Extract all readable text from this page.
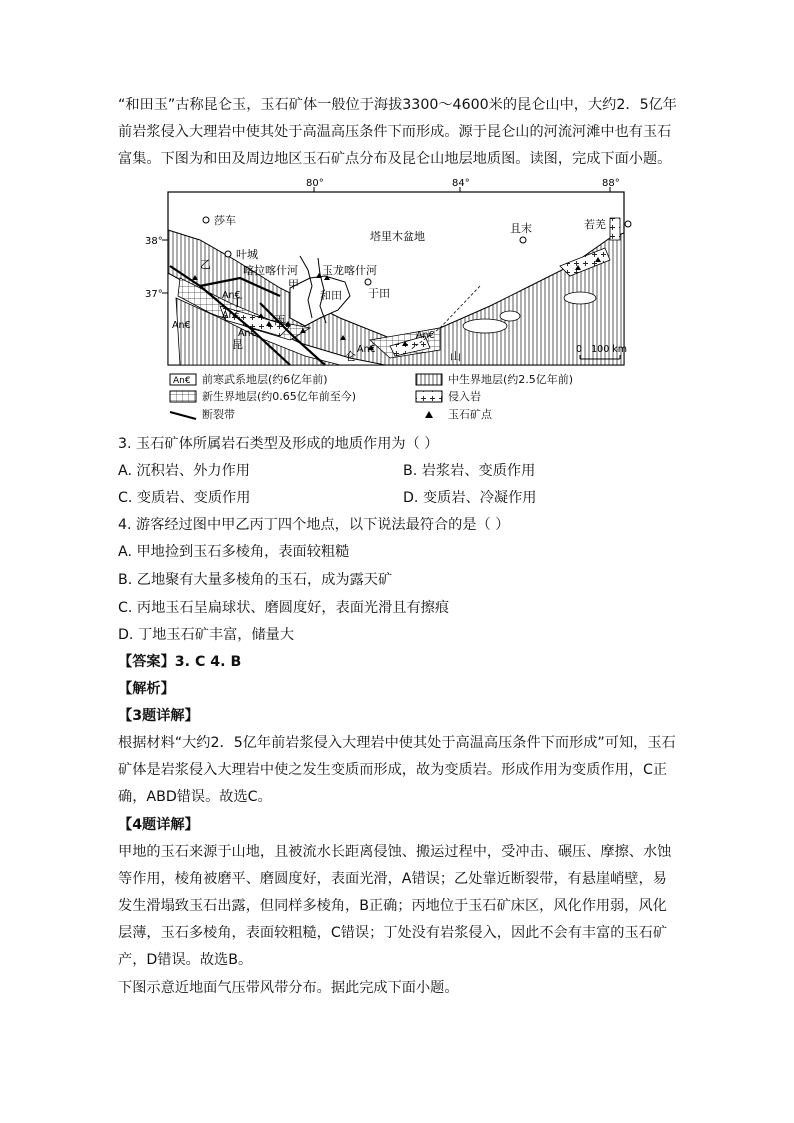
“和田玉”古称昆仑玉，玉石矿体一般位于海拔3300～4600米的昆仑山中，大约2．5亿年前岩浆侵入大理岩中使其处于高温高压条件下而形成。源于昆仑山的河流河滩中也有玉石富集。下图为和田及周边地区玉石矿点分布及昆仑山地层地质图。读图，完成下面小题。

80°	84°	88°
38°
37°
莎车
叶城
喀拉喀什河 玉龙喀什河
和田 于田
且末	若羌
塔里木盆地
甲
乙
丙
丁
An€
An€
An€
An€
An€
An€
昆
仑	山
0   100 km
An€ 前寒武系地层(约6亿年前)
新生界地层(约0.65亿年前至今)
断裂带
中生界地层(约2.5亿年前)
侵入岩
玉石矿点

3. 玉石矿体所属岩石类型及形成的地质作用为（ ）

A. 沉积岩、外力作用	B. 岩浆岩、变质作用

C. 变质岩、变质作用	D. 变质岩、冷凝作用

4. 游客经过图中甲乙丙丁四个地点，以下说法最符合的是（ ）

A. 甲地捡到玉石多棱角，表面较粗糙

B. 乙地聚有大量多棱角的玉石，成为露天矿

C. 丙地玉石呈扁球状、磨圆度好，表面光滑且有擦痕

D. 丁地玉石矿丰富，储量大

【答案】3. C 4. B

【解析】

【3题详解】

根据材料“大约2．5亿年前岩浆侵入大理岩中使其处于高温高压条件下而形成”可知，玉石矿体是岩浆侵入大理岩中使之发生变质而形成，故为变质岩。形成作用为变质作用，C正确，ABD错误。故选C。

【4题详解】

甲地的玉石来源于山地，且被流水长距离侵蚀、搬运过程中，受冲击、碾压、摩擦、水蚀等作用，棱角被磨平、磨圆度好，表面光滑，A错误；乙处靠近断裂带，有悬崖峭壁，易发生滑塌致玉石出露，但同样多棱角，B正确；丙地位于玉石矿床区，风化作用弱，风化层薄，玉石多棱角，表面较粗糙，C错误；丁处没有岩浆侵入，因此不会有丰富的玉石矿产，D错误。故选B。

下图示意近地面气压带风带分布。据此完成下面小题。
